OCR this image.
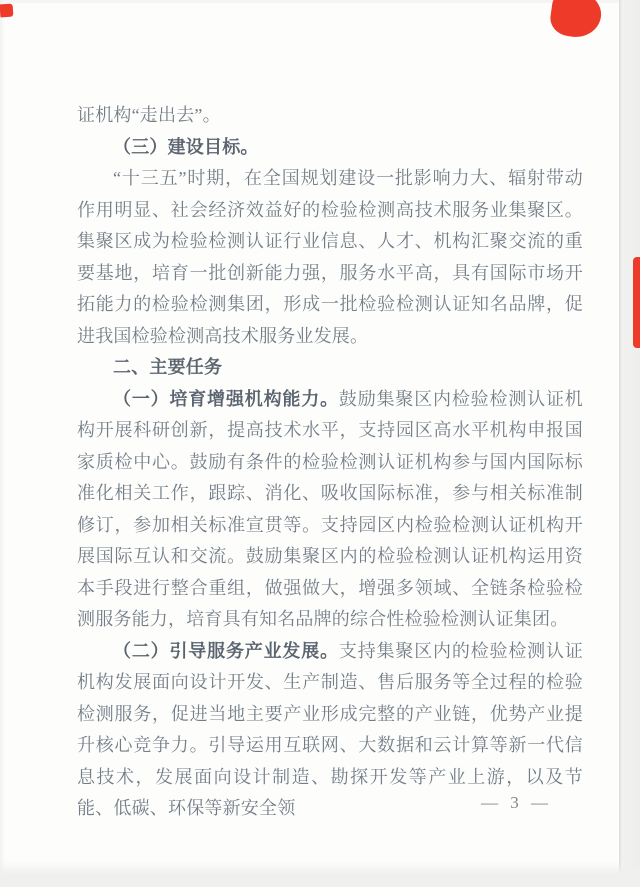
证机构“走出去”。

（三）建设目标。

“十三五”时期，在全国规划建设一批影响力大、辐射带动作用明显、社会经济效益好的检验检测高技术服务业集聚区。集聚区成为检验检测认证行业信息、人才、机构汇聚交流的重要基地，培育一批创新能力强，服务水平高，具有国际市场开拓能力的检验检测集团，形成一批检验检测认证知名品牌，促进我国检验检测高技术服务业发展。

二、主要任务

（一）培育增强机构能力。鼓励集聚区内检验检测认证机构开展科研创新，提高技术水平，支持园区高水平机构申报国家质检中心。鼓励有条件的检验检测认证机构参与国内国际标准化相关工作，跟踪、消化、吸收国际标准，参与相关标准制修订，参加相关标准宣贯等。支持园区内检验检测认证机构开展国际互认和交流。鼓励集聚区内的检验检测认证机构运用资本手段进行整合重组，做强做大，增强多领域、全链条检验检测服务能力，培育具有知名品牌的综合性检验检测认证集团。

（二）引导服务产业发展。支持集聚区内的检验检测认证机构发展面向设计开发、生产制造、售后服务等全过程的检验检测服务，促进当地主要产业形成完整的产业链，优势产业提升核心竞争力。引导运用互联网、大数据和云计算等新一代信息技术，发展面向设计制造、勘探开发等产业上游，以及节能、低碳、环保等新安全领	— 3 —
